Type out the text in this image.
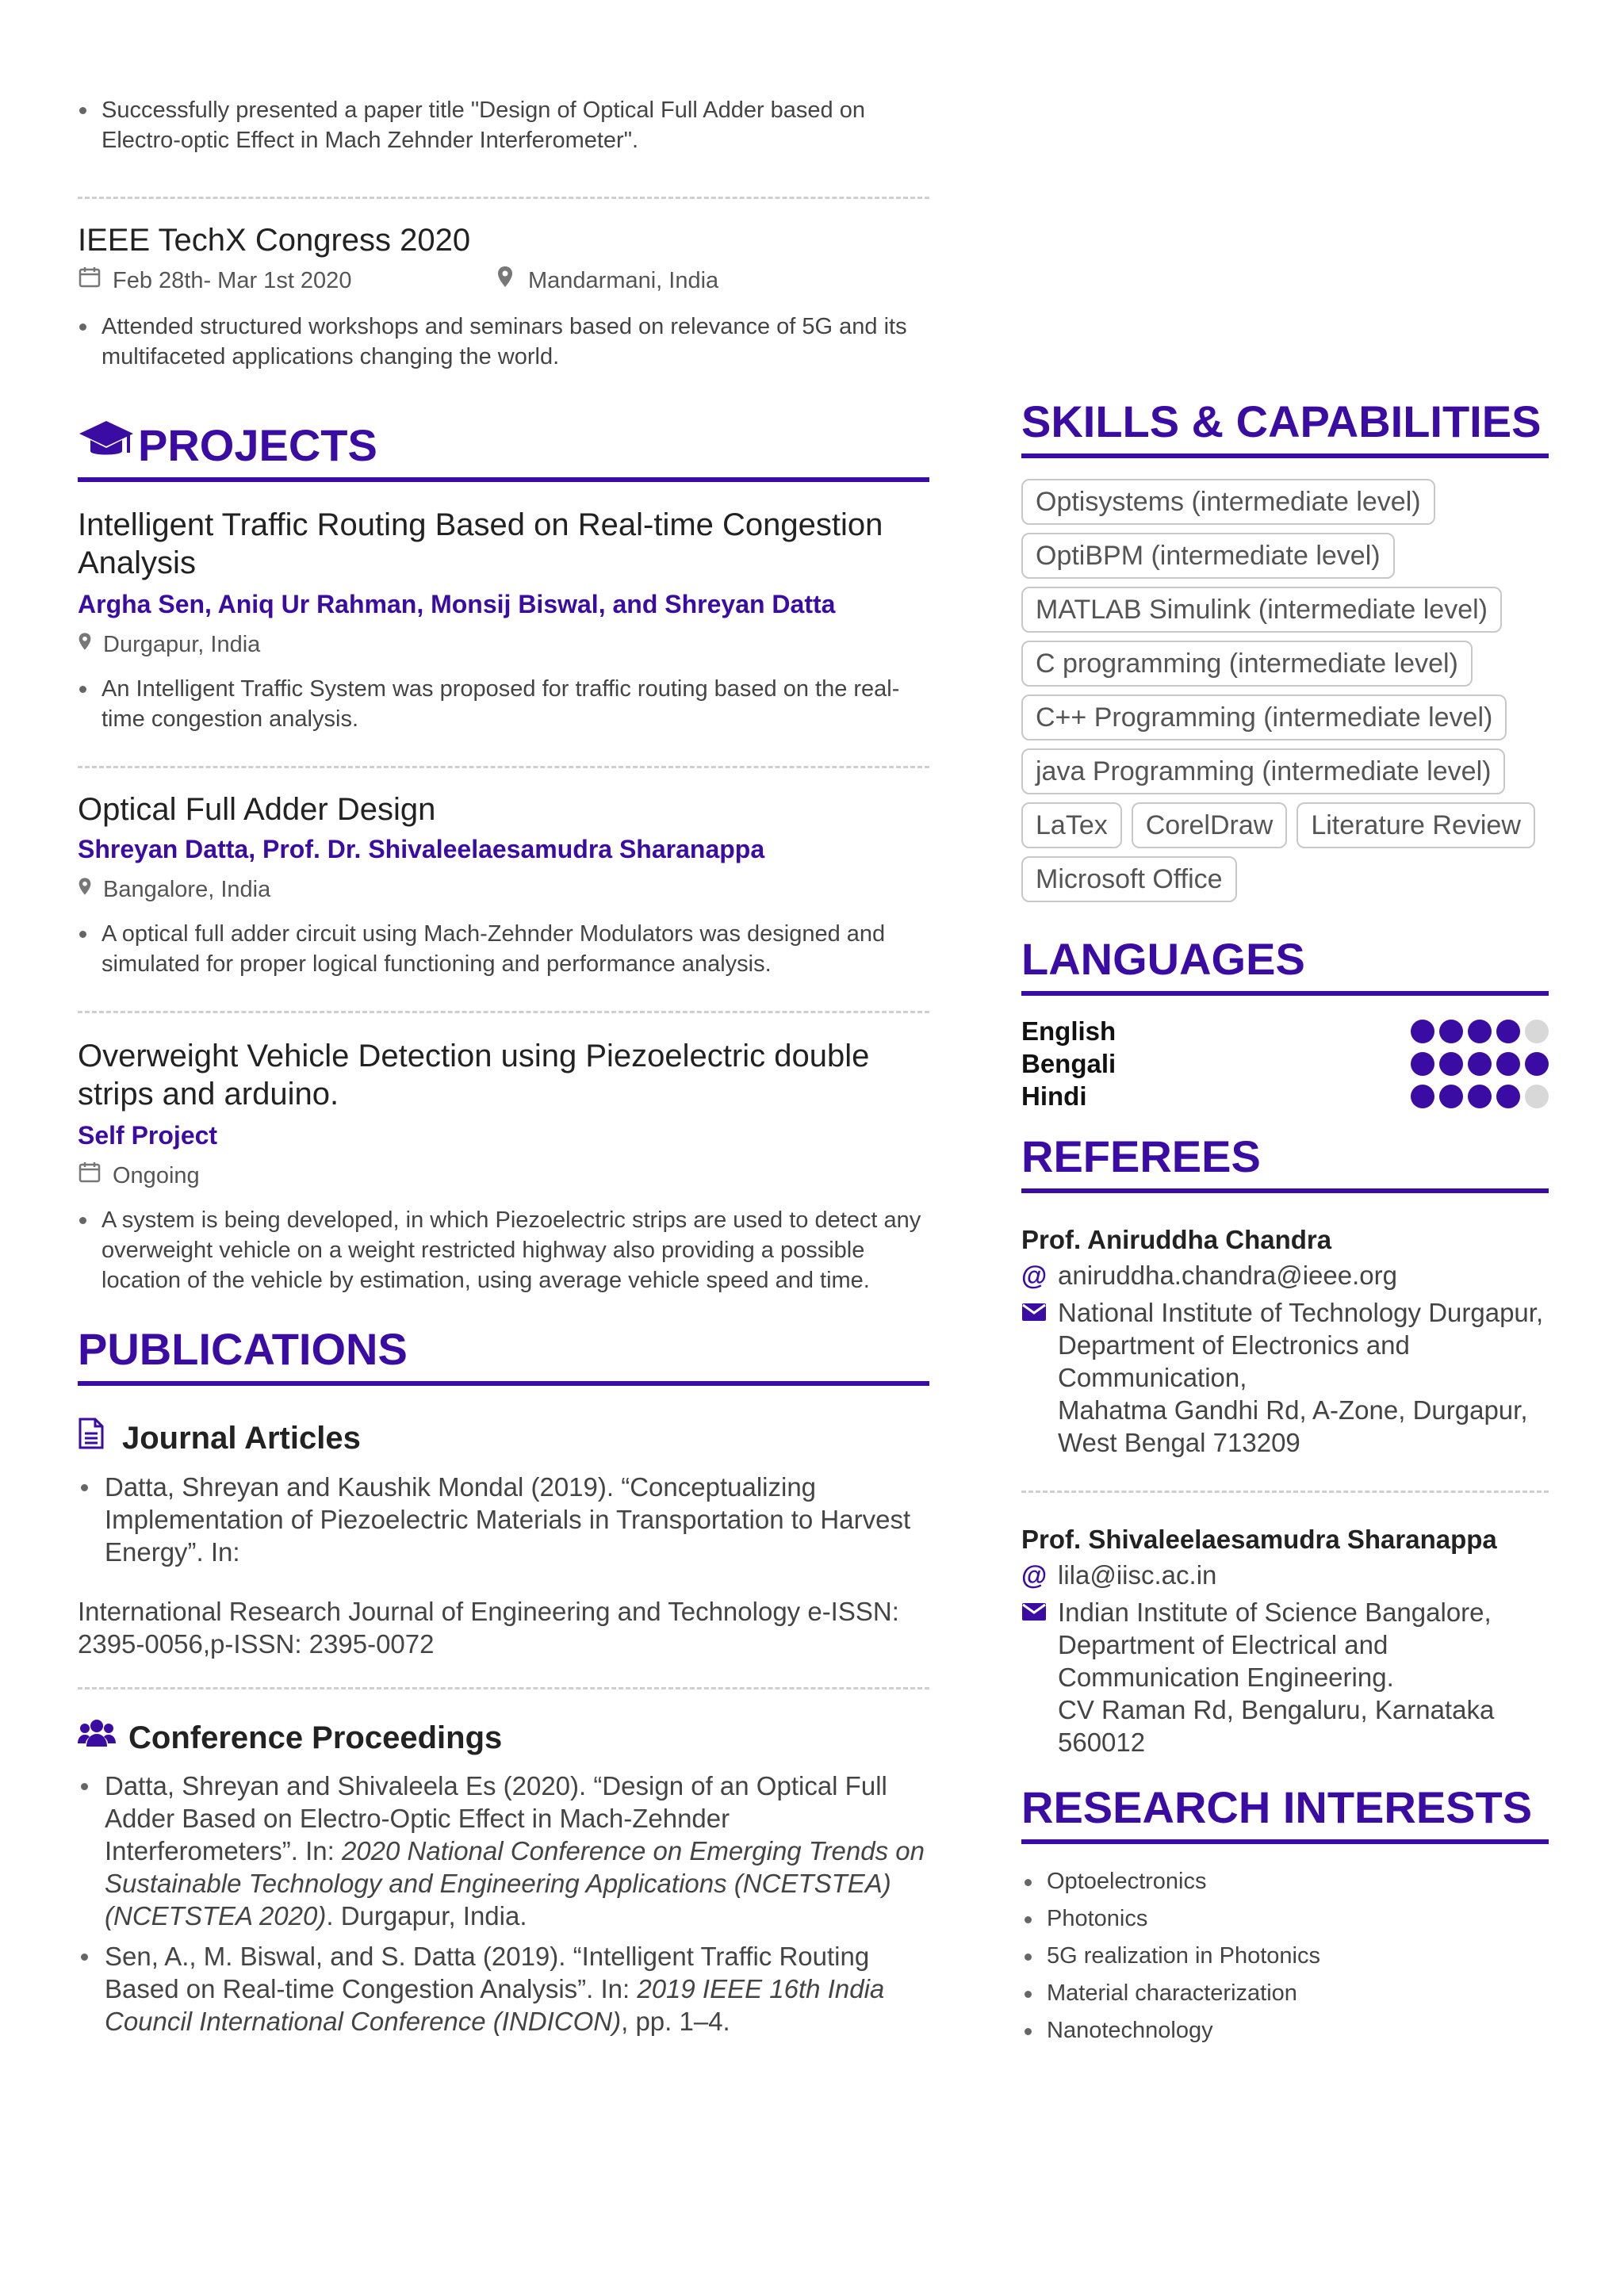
Successfully presented a paper title "Design of Optical Full Adder based on Electro-optic Effect in Mach Zehnder Interferometer".
IEEE TechX Congress 2020
Feb 28th- Mar 1st 2020	Mandarmani, India
Attended structured workshops and seminars based on relevance of 5G and its multifaceted applications changing the world.
PROJECTS
Intelligent Traffic Routing Based on Real-time Congestion Analysis
Argha Sen, Aniq Ur Rahman, Monsij Biswal, and Shreyan Datta
Durgapur, India
An Intelligent Traffic System was proposed for traffic routing based on the real-time congestion analysis.
Optical Full Adder Design
Shreyan Datta, Prof. Dr. Shivaleelaesamudra Sharanappa
Bangalore, India
A optical full adder circuit using Mach-Zehnder Modulators was designed and simulated for proper logical functioning and performance analysis.
Overweight Vehicle Detection using Piezoelectric double strips and arduino.
Self Project
Ongoing
A system is being developed, in which Piezoelectric strips are used to detect any overweight vehicle on a weight restricted highway also providing a possible location of the vehicle by estimation, using average vehicle speed and time.
PUBLICATIONS
Journal Articles
Datta, Shreyan and Kaushik Mondal (2019). “Conceptualizing Implementation of Piezoelectric Materials in Transportation to Harvest Energy”. In:
International Research Journal of Engineering and Technology e-ISSN: 2395-0056,p-ISSN: 2395-0072
Conference Proceedings
Datta, Shreyan and Shivaleela Es (2020). “Design of an Optical Full Adder Based on Electro-Optic Effect in Mach-Zehnder Interferometers”. In: 2020 National Conference on Emerging Trends on Sustainable Technology and Engineering Applications (NCETSTEA) (NCETSTEA 2020). Durgapur, India.
Sen, A., M. Biswal, and S. Datta (2019). “Intelligent Traffic Routing Based on Real-time Congestion Analysis”. In: 2019 IEEE 16th India Council International Conference (INDICON), pp. 1–4.
SKILLS & CAPABILITIES
Optisystems (intermediate level)
OptiBPM (intermediate level)
MATLAB Simulink (intermediate level)
C programming (intermediate level)
C++ Programming (intermediate level)
java Programming (intermediate level)
LaTex	CorelDraw	Literature Review
Microsoft Office
LANGUAGES
English
Bengali
Hindi
REFEREES
Prof. Aniruddha Chandra
@ aniruddha.chandra@ieee.org
National Institute of Technology Durgapur,
Department of Electronics and Communication,
Mahatma Gandhi Rd, A-Zone, Durgapur,
West Bengal 713209
Prof. Shivaleelaesamudra Sharanappa
@ lila@iisc.ac.in
Indian Institute of Science Bangalore,
Department of Electrical and Communication Engineering.
CV Raman Rd, Bengaluru, Karnataka
560012
RESEARCH INTERESTS
Optoelectronics
Photonics
5G realization in Photonics
Material characterization
Nanotechnology
